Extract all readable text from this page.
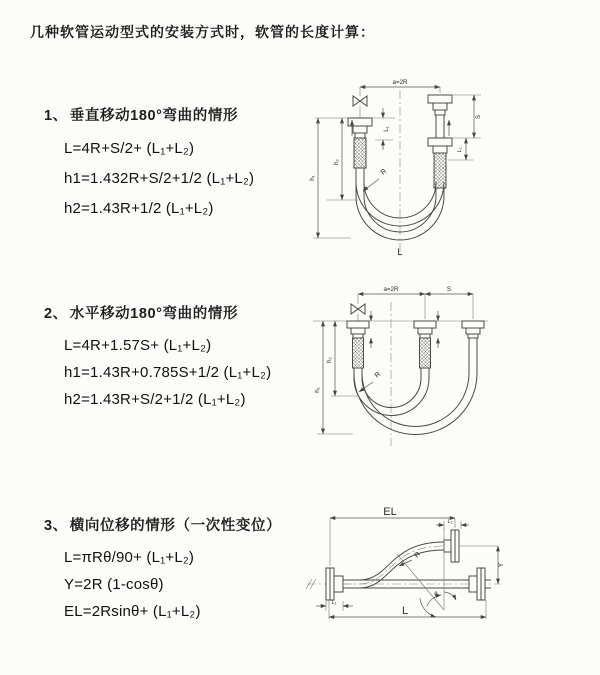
几种软管运动型式的安装方式时，软管的长度计算：
1、 垂直移动180°弯曲的情形
L=4R+S/2+ (L₁+L₂)
h1=1.432R+S/2+1/2 (L₁+L₂)
h2=1.43R+1/2 (L₁+L₂)
2、 水平移动180°弯曲的情形
L=4R+1.57S+ (L₁+L₂)
h1=1.43R+0.785S+1/2 (L₁+L₂)
h2=1.43R+S/2+1/2 (L₁+L₂)
3、 横向位移的情形（一次性变位）
L=πRθ/90+ (L₁+L₂)
Y=2R (1-cosθ)
EL=2Rsinθ+ (L₁+L₂)
a=2R
R
h₂
h₁
L₁
S
L₁
L
a=2R	S
R
h₂
h₁
EL
L₁
Y
R
θ
L
L₁
